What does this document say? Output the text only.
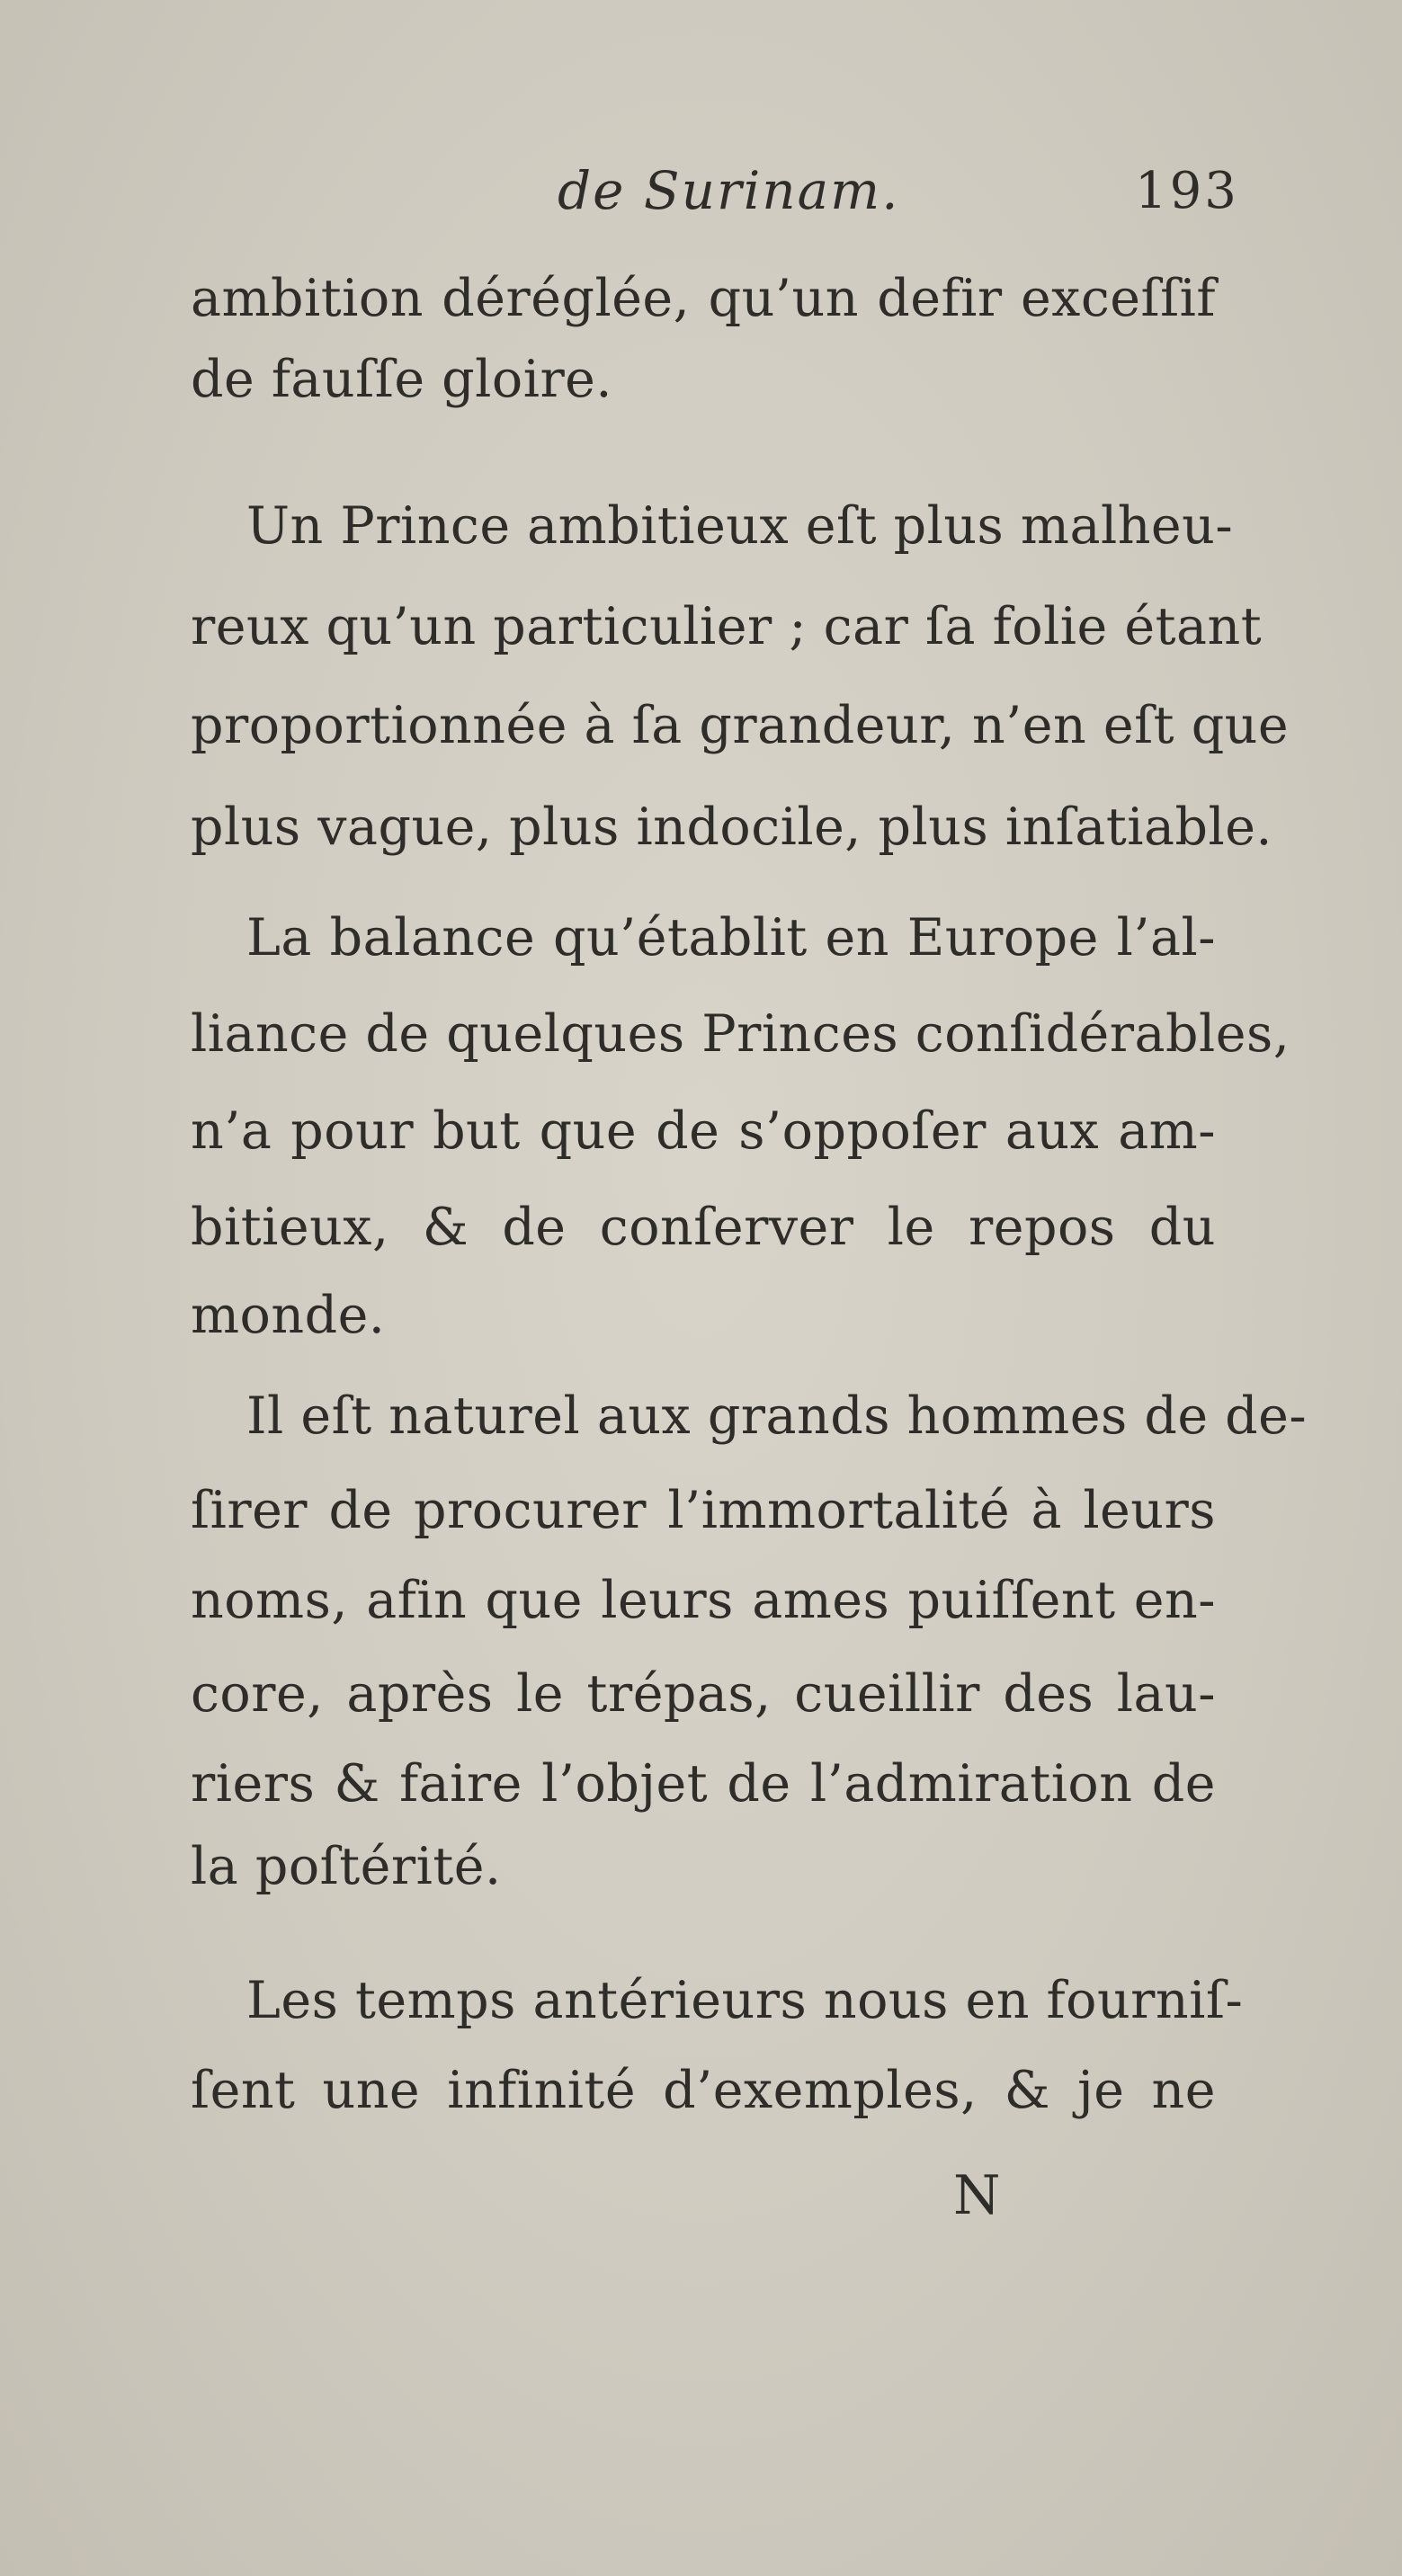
de Surinam.	193
ambition déréglée, qu’un defir exceſſif
de fauſſe gloire.
Un Prince ambitieux eſt plus malheu-
reux qu’un particulier ; car ſa folie étant
proportionnée à ſa grandeur, n’en eſt que
plus vague, plus indocile, plus inſatiable.
La balance qu’établit en Europe l’al-
liance de quelques Princes conſidérables,
n’a pour but que de s’oppoſer aux am-
bitieux, & de conſerver le repos du
monde.
Il eſt naturel aux grands hommes de de-
ſirer de procurer l’immortalité à leurs
noms, afin que leurs ames puiſſent en-
core, après le trépas, cueillir des lau-
riers & faire l’objet de l’admiration de
la poſtérité.
Les temps antérieurs nous en fourniſ-
ſent une infinité d’exemples, & je ne
N
